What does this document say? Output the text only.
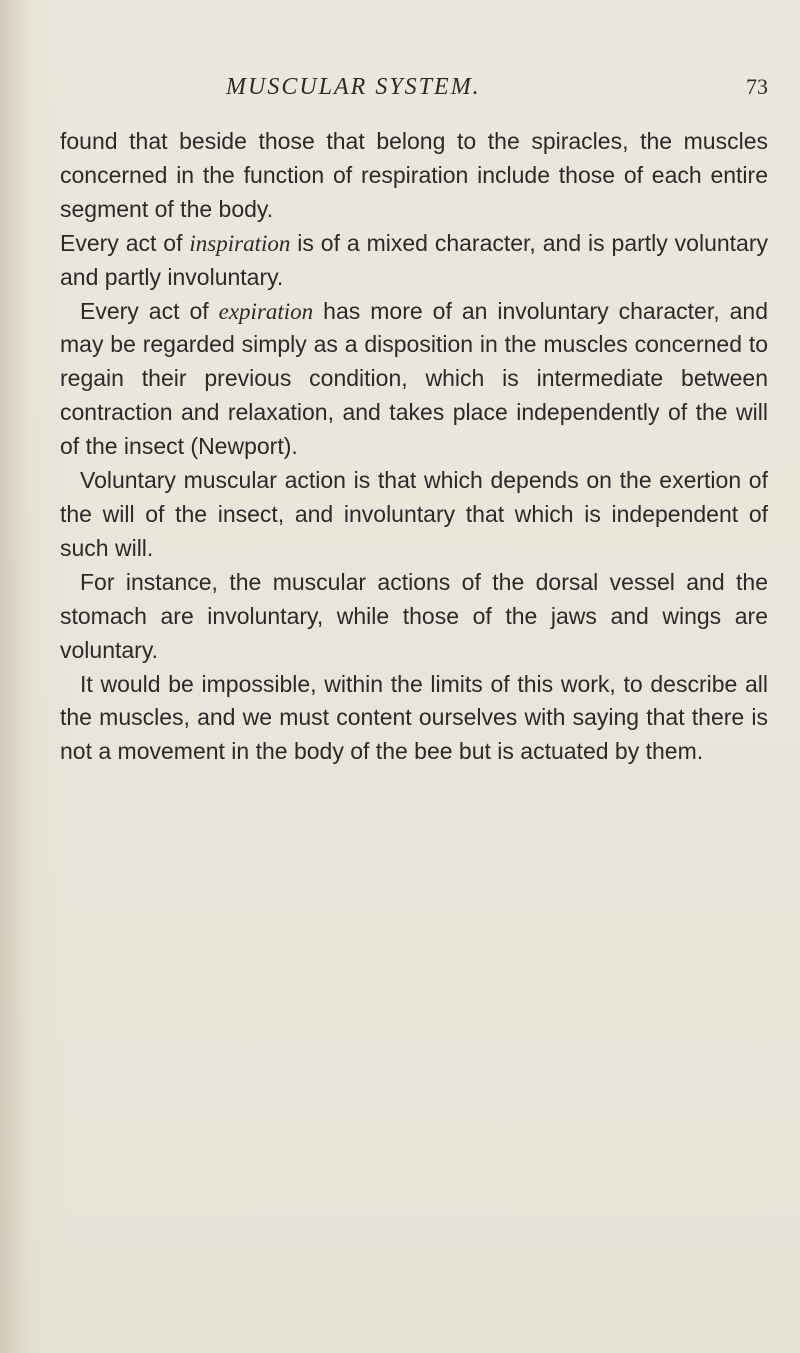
MUSCULAR SYSTEM.	73

found that beside those that belong to the spiracles, the muscles concerned in the function of respiration include those of each entire segment of the body.

Every act of inspiration is of a mixed character, and is partly voluntary and partly involuntary.

Every act of expiration has more of an involuntary character, and may be regarded simply as a disposition in the muscles concerned to regain their previous condition, which is intermediate between contraction and relaxation, and takes place independently of the will of the insect (Newport).

Voluntary muscular action is that which depends on the exertion of the will of the insect, and involuntary that which is independent of such will.

For instance, the muscular actions of the dorsal vessel and the stomach are involuntary, while those of the jaws and wings are voluntary.

It would be impossible, within the limits of this work, to describe all the muscles, and we must content ourselves with saying that there is not a movement in the body of the bee but is actuated by them.
